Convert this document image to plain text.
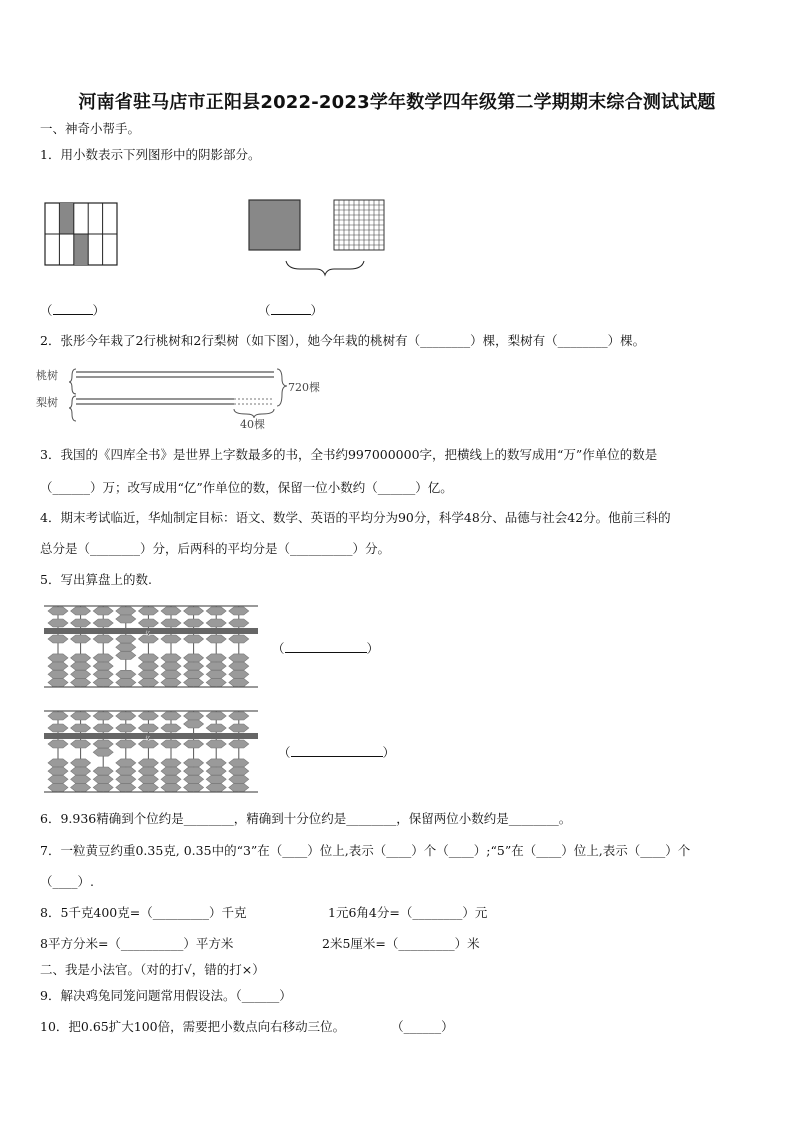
河南省驻马店市正阳县2022-2023学年数学四年级第二学期期末综合测试试题
一、神奇小帮手。
1．用小数表示下列图形中的阴影部分。
（	）	（	）
2．张彤今年栽了2行桃树和2行梨树（如下图），她今年栽的桃树有（________）棵，梨树有（________）棵。
桃树
梨树
720棵
40棵
3．我国的《四库全书》是世界上字数最多的书，全书约997000000字，把横线上的数写成用“万”作单位的数是
（______）万；改写成用“亿”作单位的数，保留一位小数约（______）亿。
4．期末考试临近，华灿制定目标：语文、数学、英语的平均分为90分，科学48分、品德与社会42分。他前三科的
总分是（________）分，后两科的平均分是（__________）分。
5．写出算盘上的数.
亿
（	）
亿
（	）
6．9.936精确到个位约是________，精确到十分位约是________，保留两位小数约是________。
7．一粒黄豆约重0.35克, 0.35中的“3”在（____）位上,表示（____）个（____）;“5”在（____）位上,表示（____）个
（____）.
8．5千克400克=（_________）千克	1元6角4分=（________）元
8平方分米=（__________）平方米	2米5厘米=（_________）米
二、我是小法官。（对的打√，错的打×）
9．解决鸡兔同笼问题常用假设法。（______）
10．把0.65扩大100倍，需要把小数点向右移动三位。	（______）
